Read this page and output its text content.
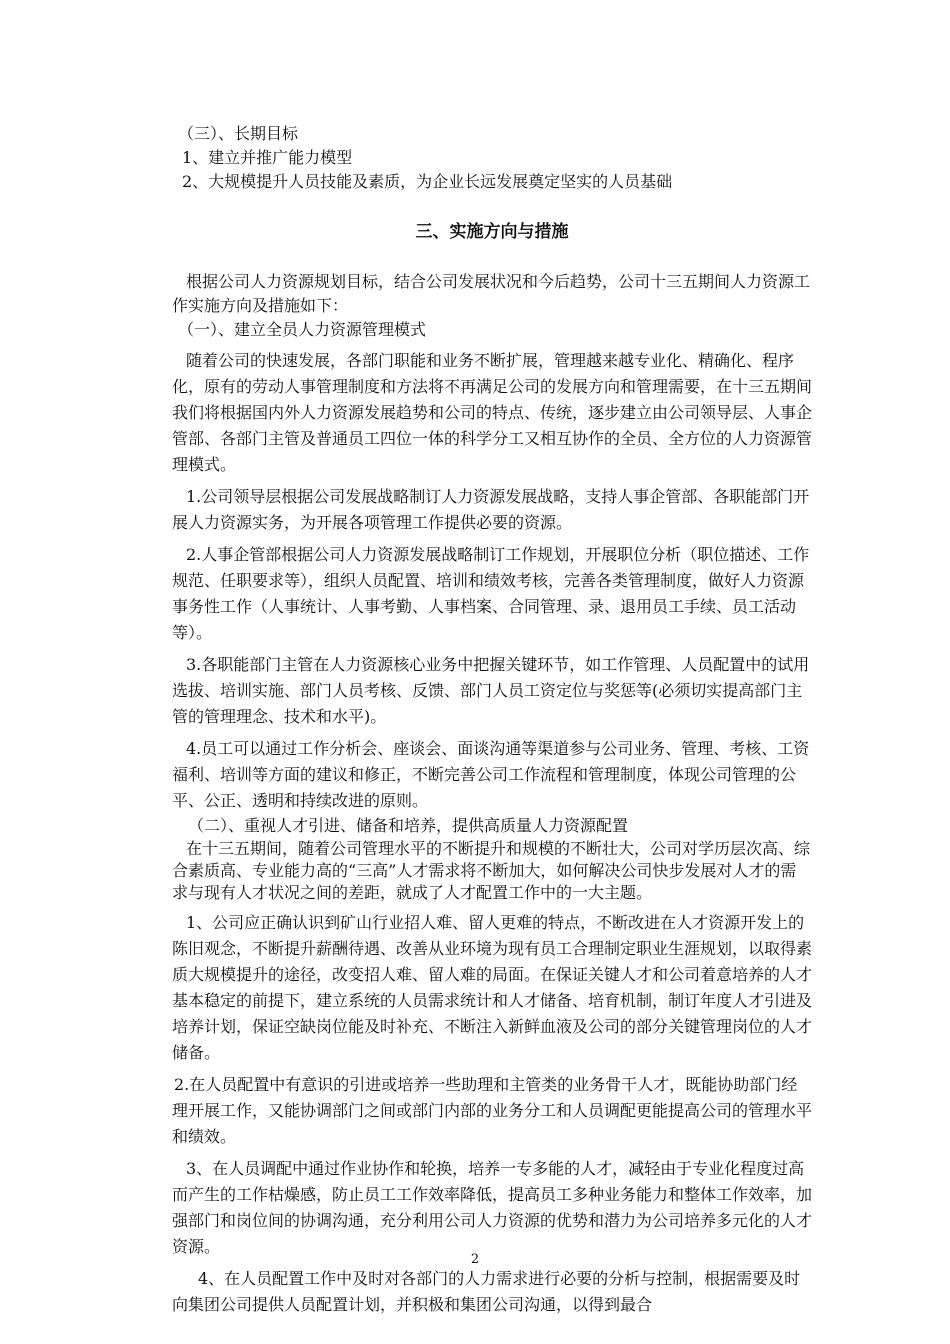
（三）、长期目标

1、建立并推广能力模型

2、大规模提升人员技能及素质，为企业长远发展奠定坚实的人员基础

三、实施方向与措施

根据公司人力资源规划目标，结合公司发展状况和今后趋势，公司十三五期间人力资源工作实施方向及措施如下：

（一）、建立全员人力资源管理模式

随着公司的快速发展，各部门职能和业务不断扩展，管理越来越专业化、精确化、程序化，原有的劳动人事管理制度和方法将不再满足公司的发展方向和管理需要，在十三五期间我们将根据国内外人力资源发展趋势和公司的特点、传统，逐步建立由公司领导层、人事企管部、各部门主管及普通员工四位一体的科学分工又相互协作的全员、全方位的人力资源管理模式。

1.公司领导层根据公司发展战略制订人力资源发展战略，支持人事企管部、各职能部门开展人力资源实务，为开展各项管理工作提供必要的资源。

2.人事企管部根据公司人力资源发展战略制订工作规划，开展职位分析（职位描述、工作规范、任职要求等），组织人员配置、培训和绩效考核，完善各类管理制度，做好人力资源事务性工作（人事统计、人事考勤、人事档案、合同管理、录、退用员工手续、员工活动等）。

3.各职能部门主管在人力资源核心业务中把握关键环节，如工作管理、人员配置中的试用选拔、培训实施、部门人员考核、反馈、部门人员工资定位与奖惩等(必须切实提高部门主管的管理理念、技术和水平)。

4.员工可以通过工作分析会、座谈会、面谈沟通等渠道参与公司业务、管理、考核、工资福利、培训等方面的建议和修正，不断完善公司工作流程和管理制度，体现公司管理的公平、公正、透明和持续改进的原则。

（二）、重视人才引进、储备和培养，提供高质量人力资源配置

在十三五期间，随着公司管理水平的不断提升和规模的不断壮大，公司对学历层次高、综合素质高、专业能力高的“三高”人才需求将不断加大，如何解决公司快步发展对人才的需求与现有人才状况之间的差距，就成了人才配置工作中的一大主题。

1、公司应正确认识到矿山行业招人难、留人更难的特点，不断改进在人才资源开发上的陈旧观念，不断提升薪酬待遇、改善从业环境为现有员工合理制定职业生涯规划，以取得素质大规模提升的途径，改变招人难、留人难的局面。在保证关键人才和公司着意培养的人才基本稳定的前提下，建立系统的人员需求统计和人才储备、培育机制，制订年度人才引进及培养计划，保证空缺岗位能及时补充、不断注入新鲜血液及公司的部分关键管理岗位的人才储备。

2.在人员配置中有意识的引进或培养一些助理和主管类的业务骨干人才，既能协助部门经理开展工作，又能协调部门之间或部门内部的业务分工和人员调配更能提高公司的管理水平和绩效。

3、在人员调配中通过作业协作和轮换，培养一专多能的人才，减轻由于专业化程度过高而产生的工作枯燥感，防止员工工作效率降低，提高员工多种业务能力和整体工作效率，加强部门和岗位间的协调沟通，充分利用公司人力资源的优势和潜力为公司培养多元化的人才资源。

4、在人员配置工作中及时对各部门的人力需求进行必要的分析与控制，根据需要及时向集团公司提供人员配置计划，并积极和集团公司沟通，以得到最合

2
